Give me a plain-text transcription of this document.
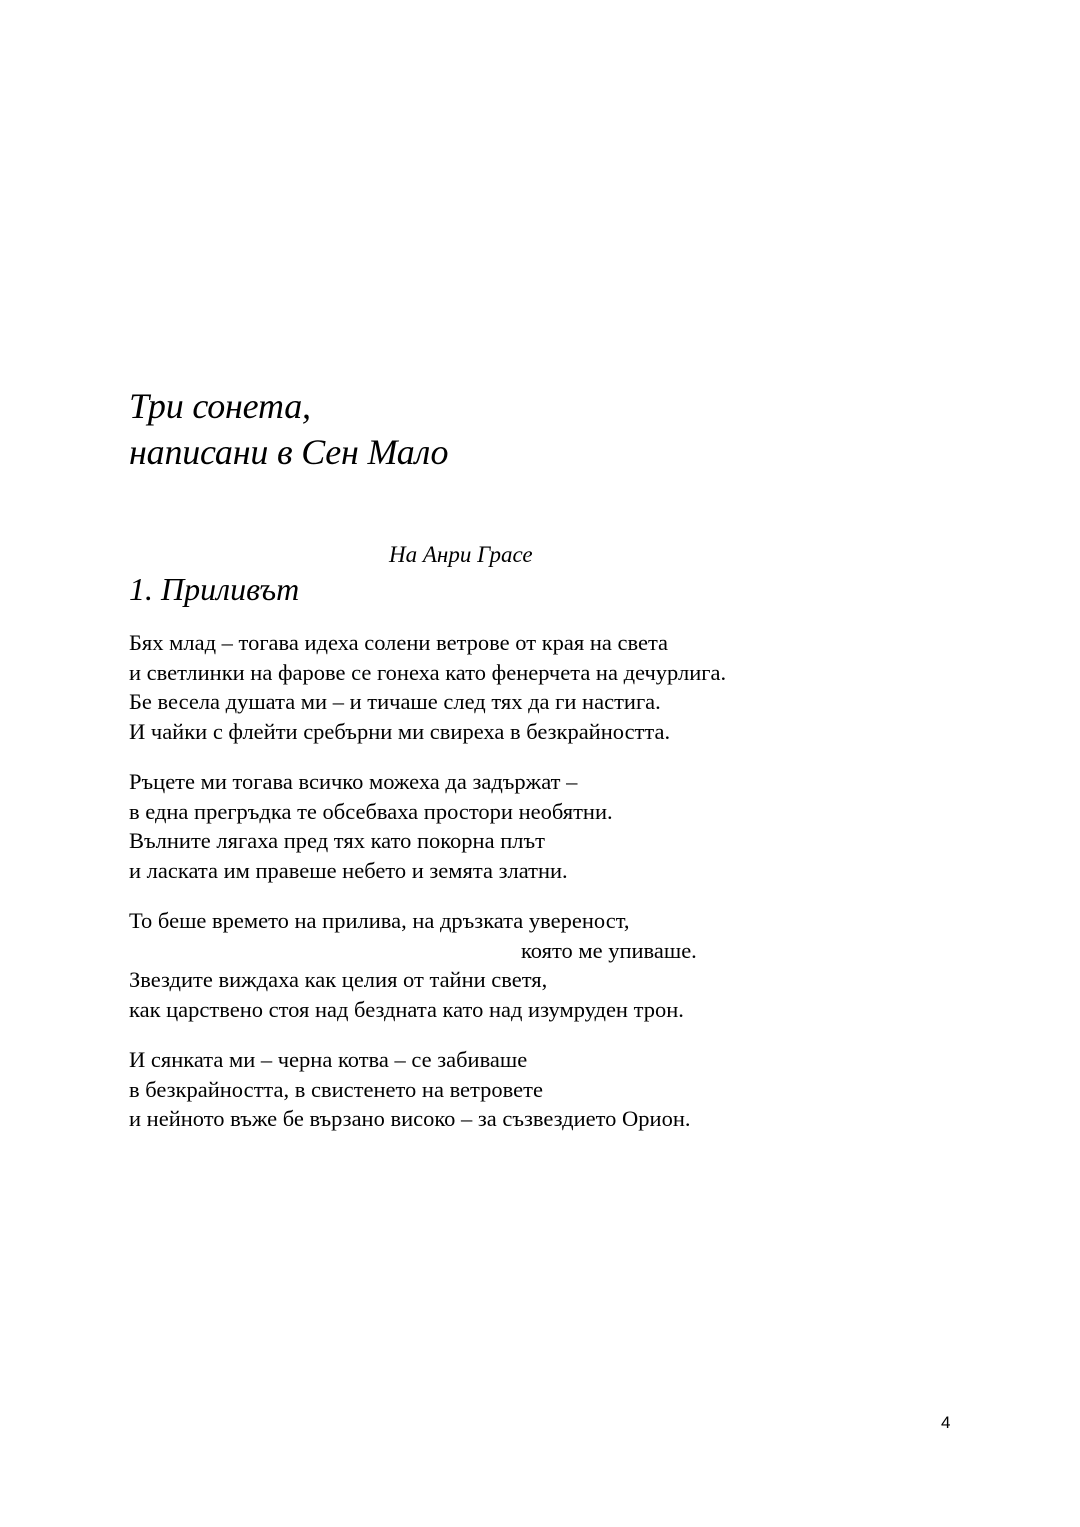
Три сонета,
написани в Сен Мало
На Анри Грасе
1. Приливът
Бях млад – тогава идеха солени ветрове от края на света
и светлинки на фарове се гонеха като фенерчета на дечурлига.
Бе весела душата ми – и тичаше след тях да ги настига.
И чайки с флейти сребърни ми свиреха в безкрайността.
Ръцете ми тогава всичко можеха да задържат –
в една прегръдка те обсебваха простори необятни.
Вълните лягаха пред тях като покорна плът
и ласката им правеше небето и земята златни.
То беше времето на прилива, на дръзката увереност,
която ме упиваше.
Звездите виждаха как целия от тайни светя,
как царствено стоя над бездната като над изумруден трон.
И сянката ми – черна котва – се забиваше
в безкрайността, в свистенето на ветровете
и нейното въже бе вързано високо – за съзвездието Орион.
4
